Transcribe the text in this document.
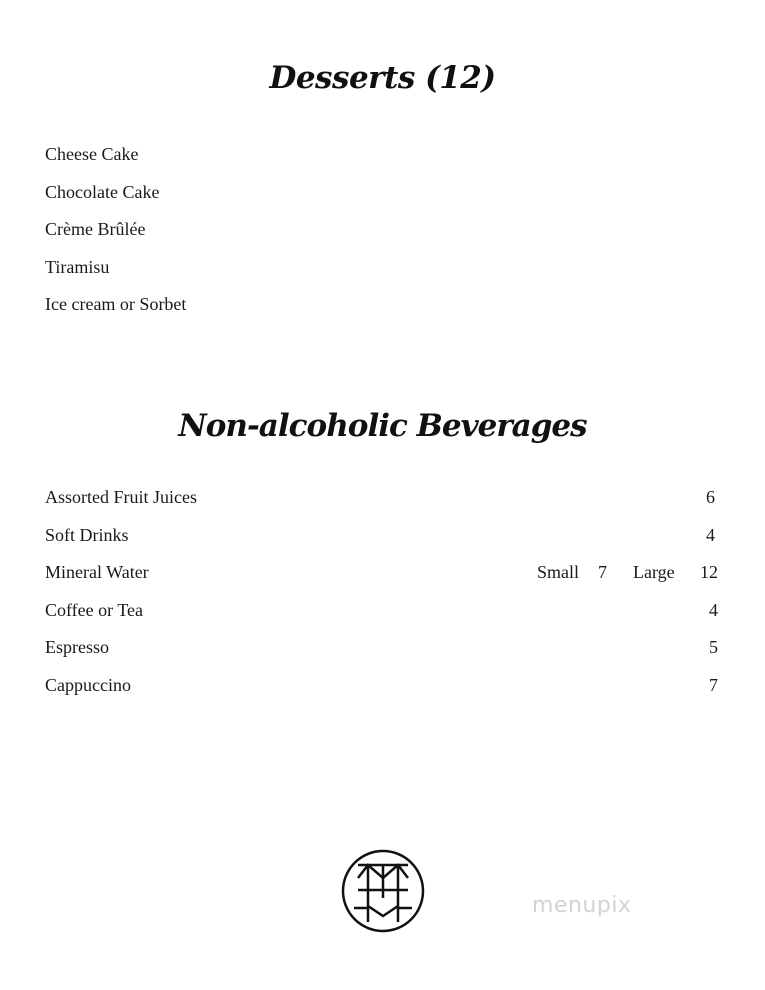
Desserts (12)
Cheese Cake
Chocolate Cake
Crème Brûlée
Tiramisu
Ice cream or Sorbet
Non-alcoholic Beverages
Assorted Fruit Juices	6
Soft Drinks	4
Mineral Water	Small 7 Large 12
Coffee or Tea	4
Espresso	5
Cappuccino	7
menupix
